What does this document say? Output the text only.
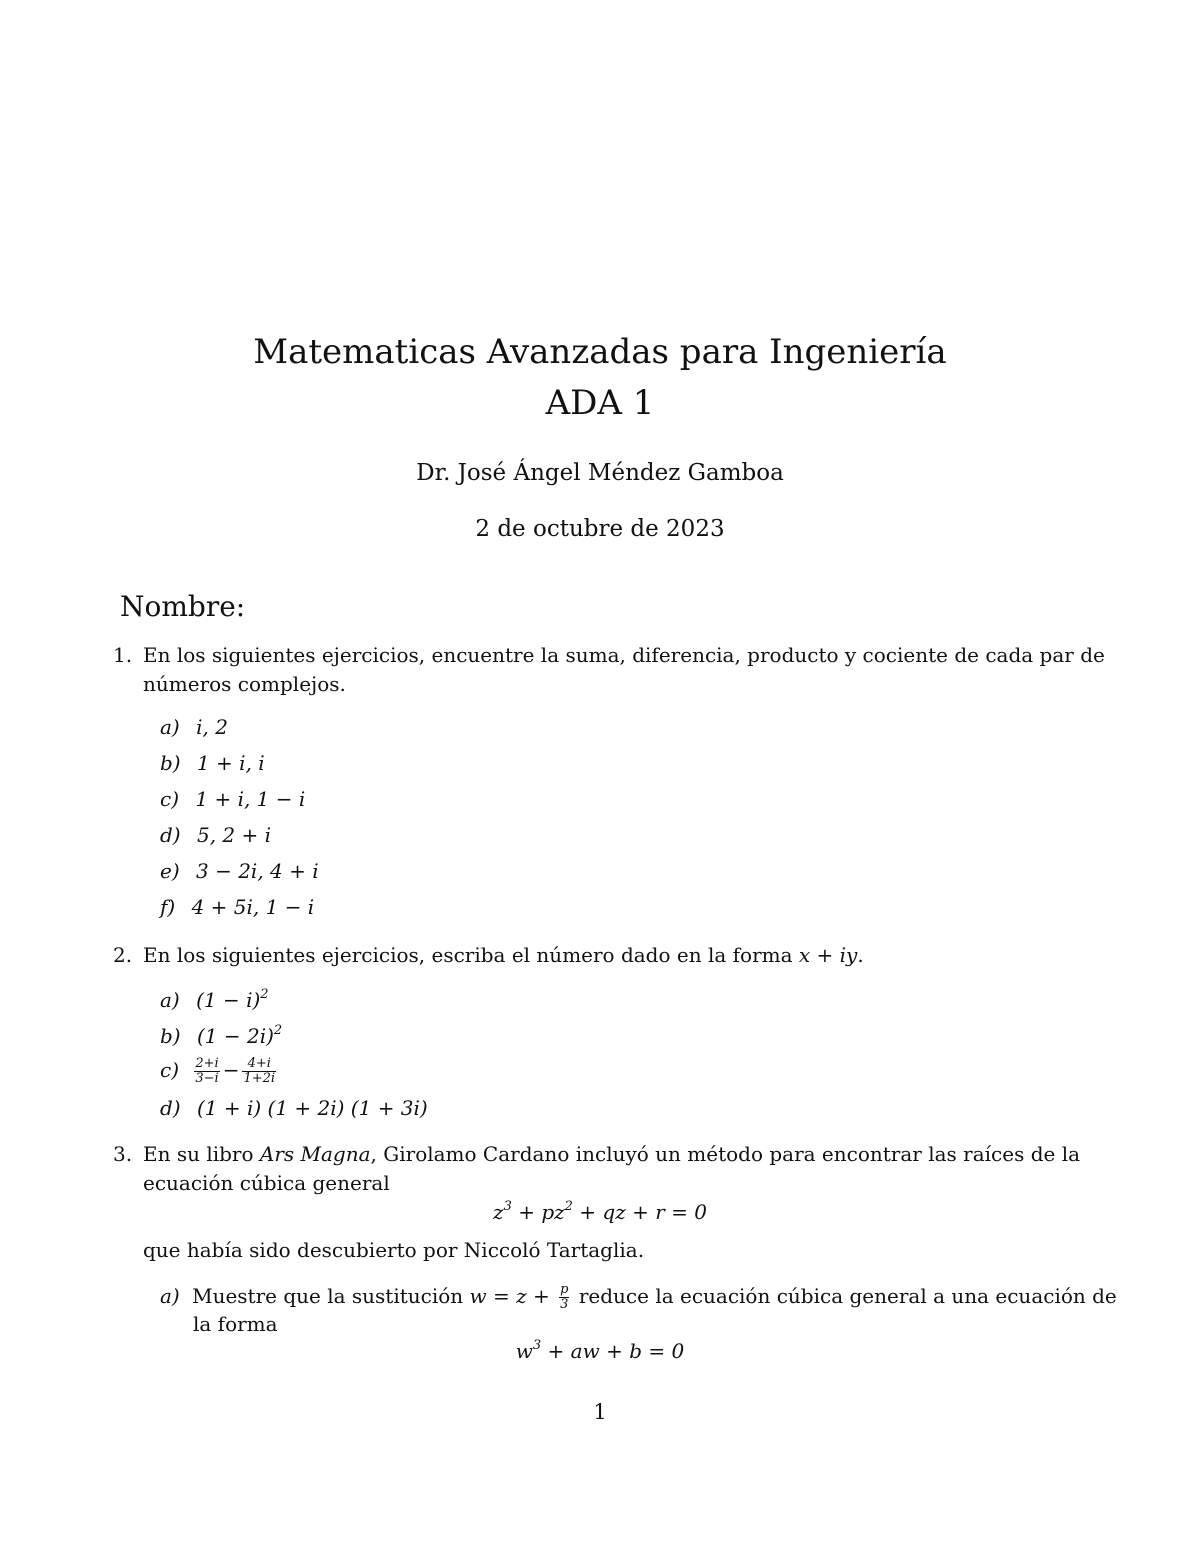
Matematicas Avanzadas para Ingeniería
ADA 1
Dr. José Ángel Méndez Gamboa
2 de octubre de 2023
Nombre:
1. En los siguientes ejercicios, encuentre la suma, diferencia, producto y cociente de cada par de
números complejos.
a) i, 2
b) 1 + i, i
c) 1 + i, 1 − i
d) 5, 2 + i
e) 3 − 2i, 4 + i
f) 4 + 5i, 1 − i
2. En los siguientes ejercicios, escriba el número dado en la forma x + iy.
a) $(1 - i)^2$
b) $(1 - 2i)^2$
$c) \frac{2+i}{3-i} - \frac{4+i}{1+2i}$
d) (1 + i) (1 + 2i) (1 + 3i)
3. En su libro Ars Magna, Girolamo Cardano incluyó un método para encontrar las raíces de la
ecuación cúbica general
$z^3 + pz^2$ + qz + r = 0
que había sido descubierto por Niccoló Tartaglia.
a) Muestre que la sustitución $w = z + \frac{p}{3}$ reduce la ecuación cúbica general a una ecuación de
la forma
$w^3$ + aw + b = 0
1
